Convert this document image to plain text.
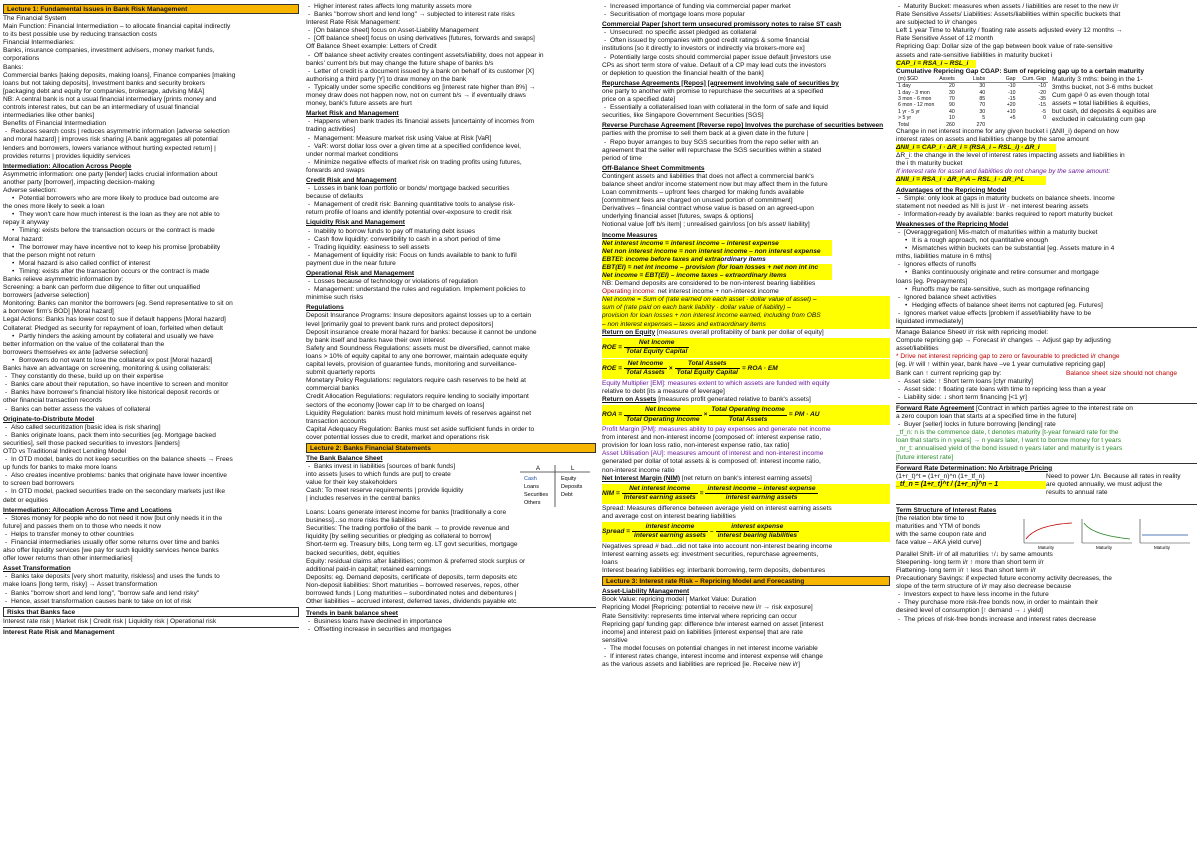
Lecture 1: Fundamental Issues in Bank Risk Management
The Financial System
Main Function: Financial Intermediation – to allocate financial capital indirectly
to its best possible use by reducing transaction costs
Financial Intermediaries:
Banks, insurance companies, investment advisers, money market funds,
corporations
Banks:
Commercial banks [taking deposits, making loans], Finance companies [making
loans but not taking deposits], Investment banks and security brokers
[packaging debt and equity for companies, brokerage, advising M&A]
NB: A central bank is not a usual financial intermediary [prints money and
controls interest rates, but can be an intermediary of usual financial
intermediaries like other banks]
Benefits of Financial Intermediation
- Reduces search costs | reduces asymmetric information [adverse selection
and moral hazard] | improves risk sharing [A bank aggregates all potential
lenders and borrowers, lowers variance without hurting expected return] |
provides returns | provides liquidity services
Intermediation: Allocation Across People
Asymmetric information: one party [lender] lacks crucial information about
another party [borrower], impacting decision-making
Adverse selection:
• Potential borrowers who are more likely to produce bad outcome are
the ones more likely to seek a loan
• They won't care how much interest is the loan as they are not able to
repay it anyway
• Timing: exists before the transaction occurs or the contract is made
Moral hazard:
• The borrower may have incentive not to keep his promise [probability
that the person might not return
• Moral hazard is also called conflict of interest
• Timing: exists after the transaction occurs or the contract is made
Banks relieve asymmetric information by:
Screening: a bank can perform due diligence to filter out unqualified
borrowers [adverse selection]
Monitoring: Banks can monitor the borrowers [eg. Send representative to sit on
a borrower firm's BOD] [Moral hazard]
Legal Actions: Banks has lower cost to sue if default happens [Moral hazard]
Collateral: Pledged as security for repayment of loan, forfeited when default
• Partly hinders the asking amount by collateral and usually we have
better information on the value of the collateral than the
borrowers themselves ex ante [adverse selection]
• Borrowers do not want to lose the collateral ex post [Moral hazard]
Banks have an advantage on screening, monitoring & using collaterals:
- They constantly do these, build up on their expertise
- Banks care about their reputation, so have incentive to screen and monitor
- Banks have borrower's financial history like historical deposit records or
other financial transaction records
- Banks can better assess the values of collateral
Originate-to-Distribute Model
- Also called securitization [basic idea is risk sharing]
- Banks originate loans, pack them into securities [eg. Mortgage backed
securities], sell those packed securities to investors [lenders]
OTD vs Traditional Indirect Lending Model
- In OTD model, banks do not keep securities on the balance sheets → Frees
up funds for banks to make more loans
- Also creates incentive problems: banks that originate have lower incentive
to screen bad borrowers
- In OTD model, packed securities trade on the secondary markets just like
debt or equities
Intermediation: Allocation Across Time and Locations
- Stores money for people who do not need it now [but only needs it in the
future] and passes them on to those who needs it now
- Helps to transfer money to other countries
- Financial intermediaries usually offer some returns over time and banks
also offer liquidity services [we pay for such liquidity services hence banks
offer lower returns than other intermediaries]
Asset Transformation
- Banks take deposits [very short maturity, riskless] and uses the funds to
make loans [long term, risky] → Asset transformation
- Banks "borrow short and lend long", "borrow safe and lend risky"
- Hence, asset transformation causes bank to take on lot of risk
Risks that Banks face
Interest rate risk | Market risk | Credit risk | Liquidity risk | Operational risk
Interest Rate Risk and Management
- Higher interest rates affects long maturity assets more
- Banks "borrow short and lend long" → subjected to interest rate risks
Interest Rate Risk Management:
- [On balance sheet] focus on Asset-Liability Management
- [Off balance sheet] focus on using derivatives [futures, forwards and swaps]
Off Balance Sheet example: Letters of Credit
- Off balance sheet activity creates contingent assets/liability, does not appear in
banks' current b/s but may change the future shape of banks b/s
- Letter of credit is a document issued by a bank on behalf of its customer [X]
authorising a third party [Y] to draw money on the bank
- Typically under some specific conditions eg [interest rate higher than 8%] →
money draw does not happen now, not on current b/s → if eventually draws
money, bank's future assets are hurt
Market Risk and Management
- Happens when bank trades its financial assets [uncertainty of incomes from
trading activities]
- Management: Measure market risk using Value at Risk [VaR]
- VaR: worst dollar loss over a given time at a specified confidence level,
under normal market conditions
- Minimize negative effects of market risk on trading profits using futures,
forwards and swaps
Credit Risk and Management
- Losses in bank loan portfolio or bonds/ mortgage backed securities
because of defaults
- Management of credit risk: Banning quantitative tools to analyse risk-
return profile of loans and identify potential over-exposure to credit risk
Liquidity Risk and Management
- Inability to borrow funds to pay off maturing debt issues
- Cash flow liquidity: convertibility to cash in a short period of time
- Trading liquidity: easiness to sell assets
- Management of liquidity risk: Focus on funds available to bank to fulfil
payment due in the near future
Operational Risk and Management
- Losses because of technology or violations of regulation
- Management: understand the rules and regulation. Implement policies to
minimise such risks
Regulations
Deposit Insurance Programs: Insure depositors against losses up to a certain
level [primarily goal to prevent bank runs and protect depositors]
Deposit insurance create moral hazard for banks: because it cannot be undone
by bank itself and banks have their own interest
Safety and Soundness Regulations: assets must be diversified, cannot make
loans > 10% of equity capital to any one borrower, maintain adequate equity
capital levels, provision of guarantee funds, monitoring and surveillance-
submit quarterly reports
Monetary Policy Regulations: regulators require cash reserves to be held at
commercial banks
Credit Allocation Regulations: regulators require lending to socially important
sectors of the economy [lower cap I/r to be charged on loans]
Liquidity Regulation: banks must hold minimum levels of reserves against net
transaction accounts
Capital Adequacy Regulation: Banks must set aside sufficient funds in order to
cover potential losses due to credit, market and operations risk
Lecture 2: Banks Financial Statements
The Bank Balance Sheet
- Banks invest in liabilities [sources of bank funds]
into assets [uses to which funds are put] to create
value for their key stakeholders
Cash: To meet reserve requirements | provide liquidity
| includes reserves in the central banks
A	L
Cash
Loans
Securities
Others
Equity
Deposits
Debt
Loans: Loans generate interest income for banks [traditionally a core
business]...so more risks the liabilities
Securities: The trading portfolio of the bank → to provide revenue and
liquidity [by selling securities or pledging as collateral to borrow]
Short-term eg. Treasury bills, Long term eg. LT govt securities, mortgage
backed securities, debt, equities
Equity: residual claims after liabilities; common & preferred stock surplus or
additional paid-in capital; retained earnings
Deposits: eg. Demand deposits, certificate of deposits, term deposits etc
Non-deposit liabilities: Short maturities – borrowed reserves, repos, other
borrowed funds | Long maturities – subordinated notes and debentures |
Other liabilities – accrued interest, deferred taxes, dividends payable etc
Trends in bank balance sheet
- Business loans have declined in importance
- Offsetting increase in securities and mortgages
- Increased importance of funding via commercial paper market
- Securitisation of mortgage loans more popular
Commercial Paper [short term unsecured promissory notes to raise ST cash
- Unsecured: no specific asset pledged as collateral
- Often issued by companies with good credit ratings & some financial
institutions [so it directly to investors or indirectly via brokers-more ex]
- Potentially large costs should commercial paper issue default [investors use
CPs as short term store of value. Default of a CP may lead cuts the investors
or depletion to question the financial health of the bank]
Repurchase Agreements [Repos] [agreement involving sale of securities by
one party to another with promise to repurchase the securities at a specified
price on a specified date]
- Essentially a collateralised loan with collateral in the form of safe and liquid
securities, like Singapore Government Securities [SGS]
Reverse Purchase Agreement [Reverse repo] Involves the purchase of securities between
parties with the promise to sell them back at a given date in the future |
- Repo buyer arranges to buy SGS securities from the repo seller with an
agreement that the seller will repurchase the SGS securities within a stated
period of time
Off-Balance Sheet Commitments
Contingent assets and liabilities that does not affect a commercial bank's
balance sheet and/or income statement now but may affect them in the future
Loan commitments – upfront fees charged for making funds available
[commitment fees are charged on unused portion of commitment]
Derivatives – financial contract whose value is based on an agreed-upon
underlying financial asset [futures, swaps & options]
Notional value [off b/s item] ; unrealised gain/loss [on b/s asset/ liability]
Income Measures
Net interest income = interest income – interest expense
Net non interest income = non interest income – non interest expense
EBTEI: income before taxes and extraordinary items
EBT(EI) = net int income – provision (for loan losses + net non int inc
Net income = EBT(EI) – income taxes – extraordinary items
NB: Demand deposits are considered to be non-interest bearing liabilities
Operating income: net interest income + non-interest income
Net income = Sum of (rate earned on each asset · dollar value of asset) –
sum of (rate paid on each bank liability · dollar value of liability) –
provision for loan losses + non interest income earned, including from OBS
– non interest expenses – taxes and extraordinary items
Return on Equity [measures overall profitability of bank per dollar of equity]
ROE = $\frac{\text{Net Income}}{\text{Total Equity Capital}}$
ROE = $\frac{\text{Net Income}}{\text{Total Assets}} \times \frac{\text{Total Assets}}{\text{Total Equity Capital}}$ = ROA · EM
Equity Multiplier [EM]: measures extent to which assets are funded with equity
relative to debt [its a measure of leverage]
Return on Assets [measures profit generated relative to bank's assets]
ROA = $\frac{\text{Net Income}}{\text{Total Operating Income}} \times \frac{\text{Total Operating Income}}{\text{Total Assets}}$ = PM · AU
Profit Margin [PM]: measures ability to pay expenses and generate net income
from interest and non-interest income [composed of: interest expense ratio,
provision for loan loss ratio, non-interest expense ratio, tax ratio]
Asset Utilisation [AU]: measures amount of interest and non-interest income
generated per dollar of total assets & is composed of: interest income ratio,
non-interest income ratio
Net Interest Margin (NIM) [net return on bank's interest earning assets]
NIM = $\frac{\text{Net interest income}}{\text{Interest earning assets}} = \frac{\text{interest income – interest expense}}{\text{interest earning assets}}$
Spread: Measures difference between average yield on interest earning assets
and average cost on interest bearing liabilities
Spread = $\frac{\text{interest income}}{\text{interest earning assets}} - \frac{\text{interest expense}}{\text{interest bearing liabilities}}$
Negatives spread # bad...did not take into account non-interest bearing income
Interest earning assets eg: investment securities, repurchase agreements,
loans
Interest bearing liabilities eg: interbank borrowing, term deposits, debentures
Lecture 3: Interest rate Risk – Repricing Model and Forecasting
Asset-Liability Management
Book Value: repricing model | Market Value: Duration
Repricing Model [Repricing: potential to receive new i/r → risk exposure]
Rate Sensitivity: represents time interval where repricing can occur
Repricing gap/ funding gap: difference b/w interest earned on asset [interest
income] and interest paid on liabilities [interest expense] that are rate
sensitive
- The model focuses on potential changes in net interest income variable
- If interest rates change, interest income and interest expense will change
as the various assets and liabilities are repriced [ie. Receive new i/r]
- Maturity Bucket: measures when assets / liabilities are reset to the new i/r
Rate Sensitive Assets/ Liabilities: Assets/liabilities within specific buckets that
are subjected to i/r changes
Left 1 year Time to Maturity / floating rate assets adjusted every 12 months →
Rate Sensitive Asset of 12 month
Repricing Gap: Dollar size of the gap between book value of rate-sensitive
assets and rate-sensitive liabilities in maturity bucket i
CAP_i = RSA_i – RSL_i
Cumulative Repricing Gap CGAP: Sum of repricing gap up to a certain maturity
(m) $GD	Assets	Liabs	Gap	Cum. Gap
1 day	20	30	-10	-10
1 day - 3 mon	30	40	-10	-20
3 mon - 6 mon	70	85	-15	-35
6 mon - 12 mon	90	70	+20	-15
1 yr - 5 yr	40	30	+10	-5
> 5 yr	10	5	+5	0
Total	260	270		
Maturity 3 mths: being in the 1-
3mths bucket, not 3-6 mths bucket
Cum gap# 0 as even though total
assets = total liabilities & equities,
but cash, dd deposits & equities are
excluded in calculating cum gap
Change in net interest income for any given bucket i (ΔNII_i) depend on how
interest rates on assets and liabilities change by the same amount
ΔNII_i = CAP_i · ΔR_i = (RSA_i – RSL_i) · ΔR_i
ΔR_i: the change in the level of interest rates impacting assets and liabilities in
the i th maturity bucket
If interest rate for asset and liabilities do not change by the same amount:
ΔNII_i = RSA_i · ΔR_i^A – RSL_i · ΔR_i^L
Advantages of the Repricing Model
- Simple: only look at gaps in maturity buckets on balance sheets. Income
statement not needed as NII is just I/r · net interest bearing assets
- Information-ready by available: banks required to report maturity bucket
Weaknesses of the Repricing Model
- [Overaggregation] Mis-match of maturities within a maturity bucket
• It is a rough approach, not quantitative enough
• Mismatches within buckets can be substantial [eg. Assets mature in 4
mths, liabilities mature in 6 mths]
- Ignores effects of runoffs
• Banks continuously originate and retire consumer and mortgage
loans [eg. Prepayments]
• Runoffs may be rate-sensitive, such as mortgage refinancing
- Ignored balance sheet activities
• Hedging effects of balance sheet items not captured [eg. Futures]
- Ignores market value effects [problem if asset/liability have to be
liquidated immediately]
Manage Balance Sheet/ i/r risk with repricing model:
Compute repricing gap → Forecast i/r changes → Adjust gap by adjusting
asset/liabilities
* Drive net interest repricing gap to zero or favourable to predicted i/r change
[eg. i/r will ↑ within year, bank have –ve 1 year cumulative repricing gap]
Bank can ↑ current repricing gap by:	Balance sheet size should not change
- Asset side: ↑ Short term loans [ctyr maturity]
- Asset side: ↑ floating rate loans with time to repricing less than a year
- Liability side: ↓ short term financing [<1 yr]
Forward Rate Agreement [Contract in which parties agree to the interest rate on
a zero coupon loan that starts at a specified time in the future]
- Buyer [seller] locks in future borrowing [lending] rate
_tf_n: n is the commence date, t denotes maturity [t-year forward rate for the
loan that starts in n years] → n years later, I want to borrow money for t years
_nr_t: annualised yield of the bond issued n years later and maturity is t years
[future interest rate]
Forward Rate Determination: No Arbitrage Pricing
(1+r_t)^t = (1+r_n)^n (1+_tf_n)
_tf_n = (1+r_t)^t / (1+r_n)^n – 1
Need to power 1/n. Because all rates in reality
are quoted annually, we must adjust the
results to annual rate
Term Structure of Interest Rates
[the relation btw time to
maturities and YTM of bonds
with the same coupon rate and
face value – AKA yield curve]
Maturity	Maturity	Maturity
Parallel Shift- i/r of all maturities ↑/↓ by same amounts
Steepening- long term i/r ↑ more than short term i/r
Flattening- long term i/r ↑ less than short term i/r
Precautionary Savings: if expected future economy activity decreases, the
slope of the term structure of i/r may also decrease because
- Investors expect to have less income in the future
- They purchase more risk-free bonds now, in order to maintain their
desired level of consumption [↑ demand → ↓ yield]
- The prices of risk-free bonds increase and interest rates decrease
